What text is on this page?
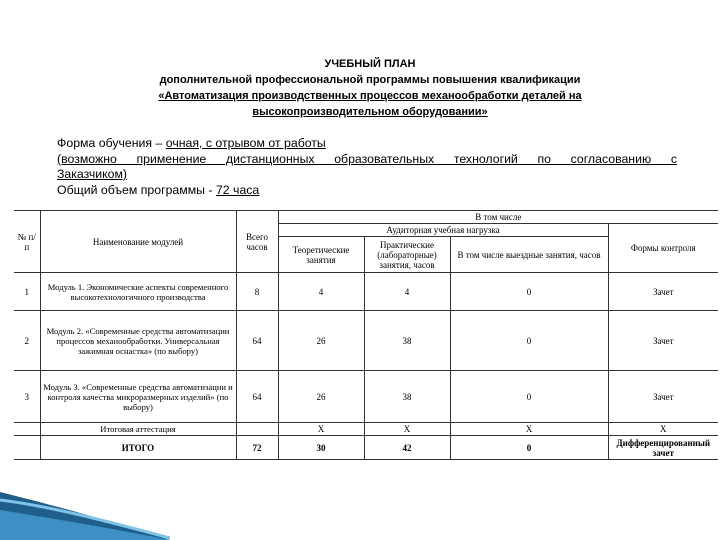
УЧЕБНЫЙ ПЛАН
дополнительной профессиональной программы повышения квалификации
«Автоматизация производственных процессов механообработки деталей на
высокопроизводительном оборудовании»
Форма обучения – очная, с отрывом от работы
(возможно применение дистанционных образовательных технологий по согласованию с
Заказчиком)
Общий объем программы - 72 часа
№ п/п	Наименование модулей	Всего часов	В том числе			
			Аудиторная учебная нагрузка			Формы контроля
			Теоретические занятия	Практические (лабораторные) занятия, часов	В том числе выездные занятия, часов	
1	Модуль 1. Экономические аспекты современного высокотехнологичного производства	8	4	4	0	Зачет
2	Модуль 2. «Современные средства автоматизации процессов механообработки. Универсальная зажимная оснастка» (по выбору)	64	26	38	0	Зачет
3	Модуль 3. «Современные средства автоматизации и контроля качества микроразмерных изделий» (по выбору)	64	26	38	0	Зачет
	Итоговая аттестация		Х	Х	Х	Х
	ИТОГО	72	30	42	0	Дифференцированный зачет
